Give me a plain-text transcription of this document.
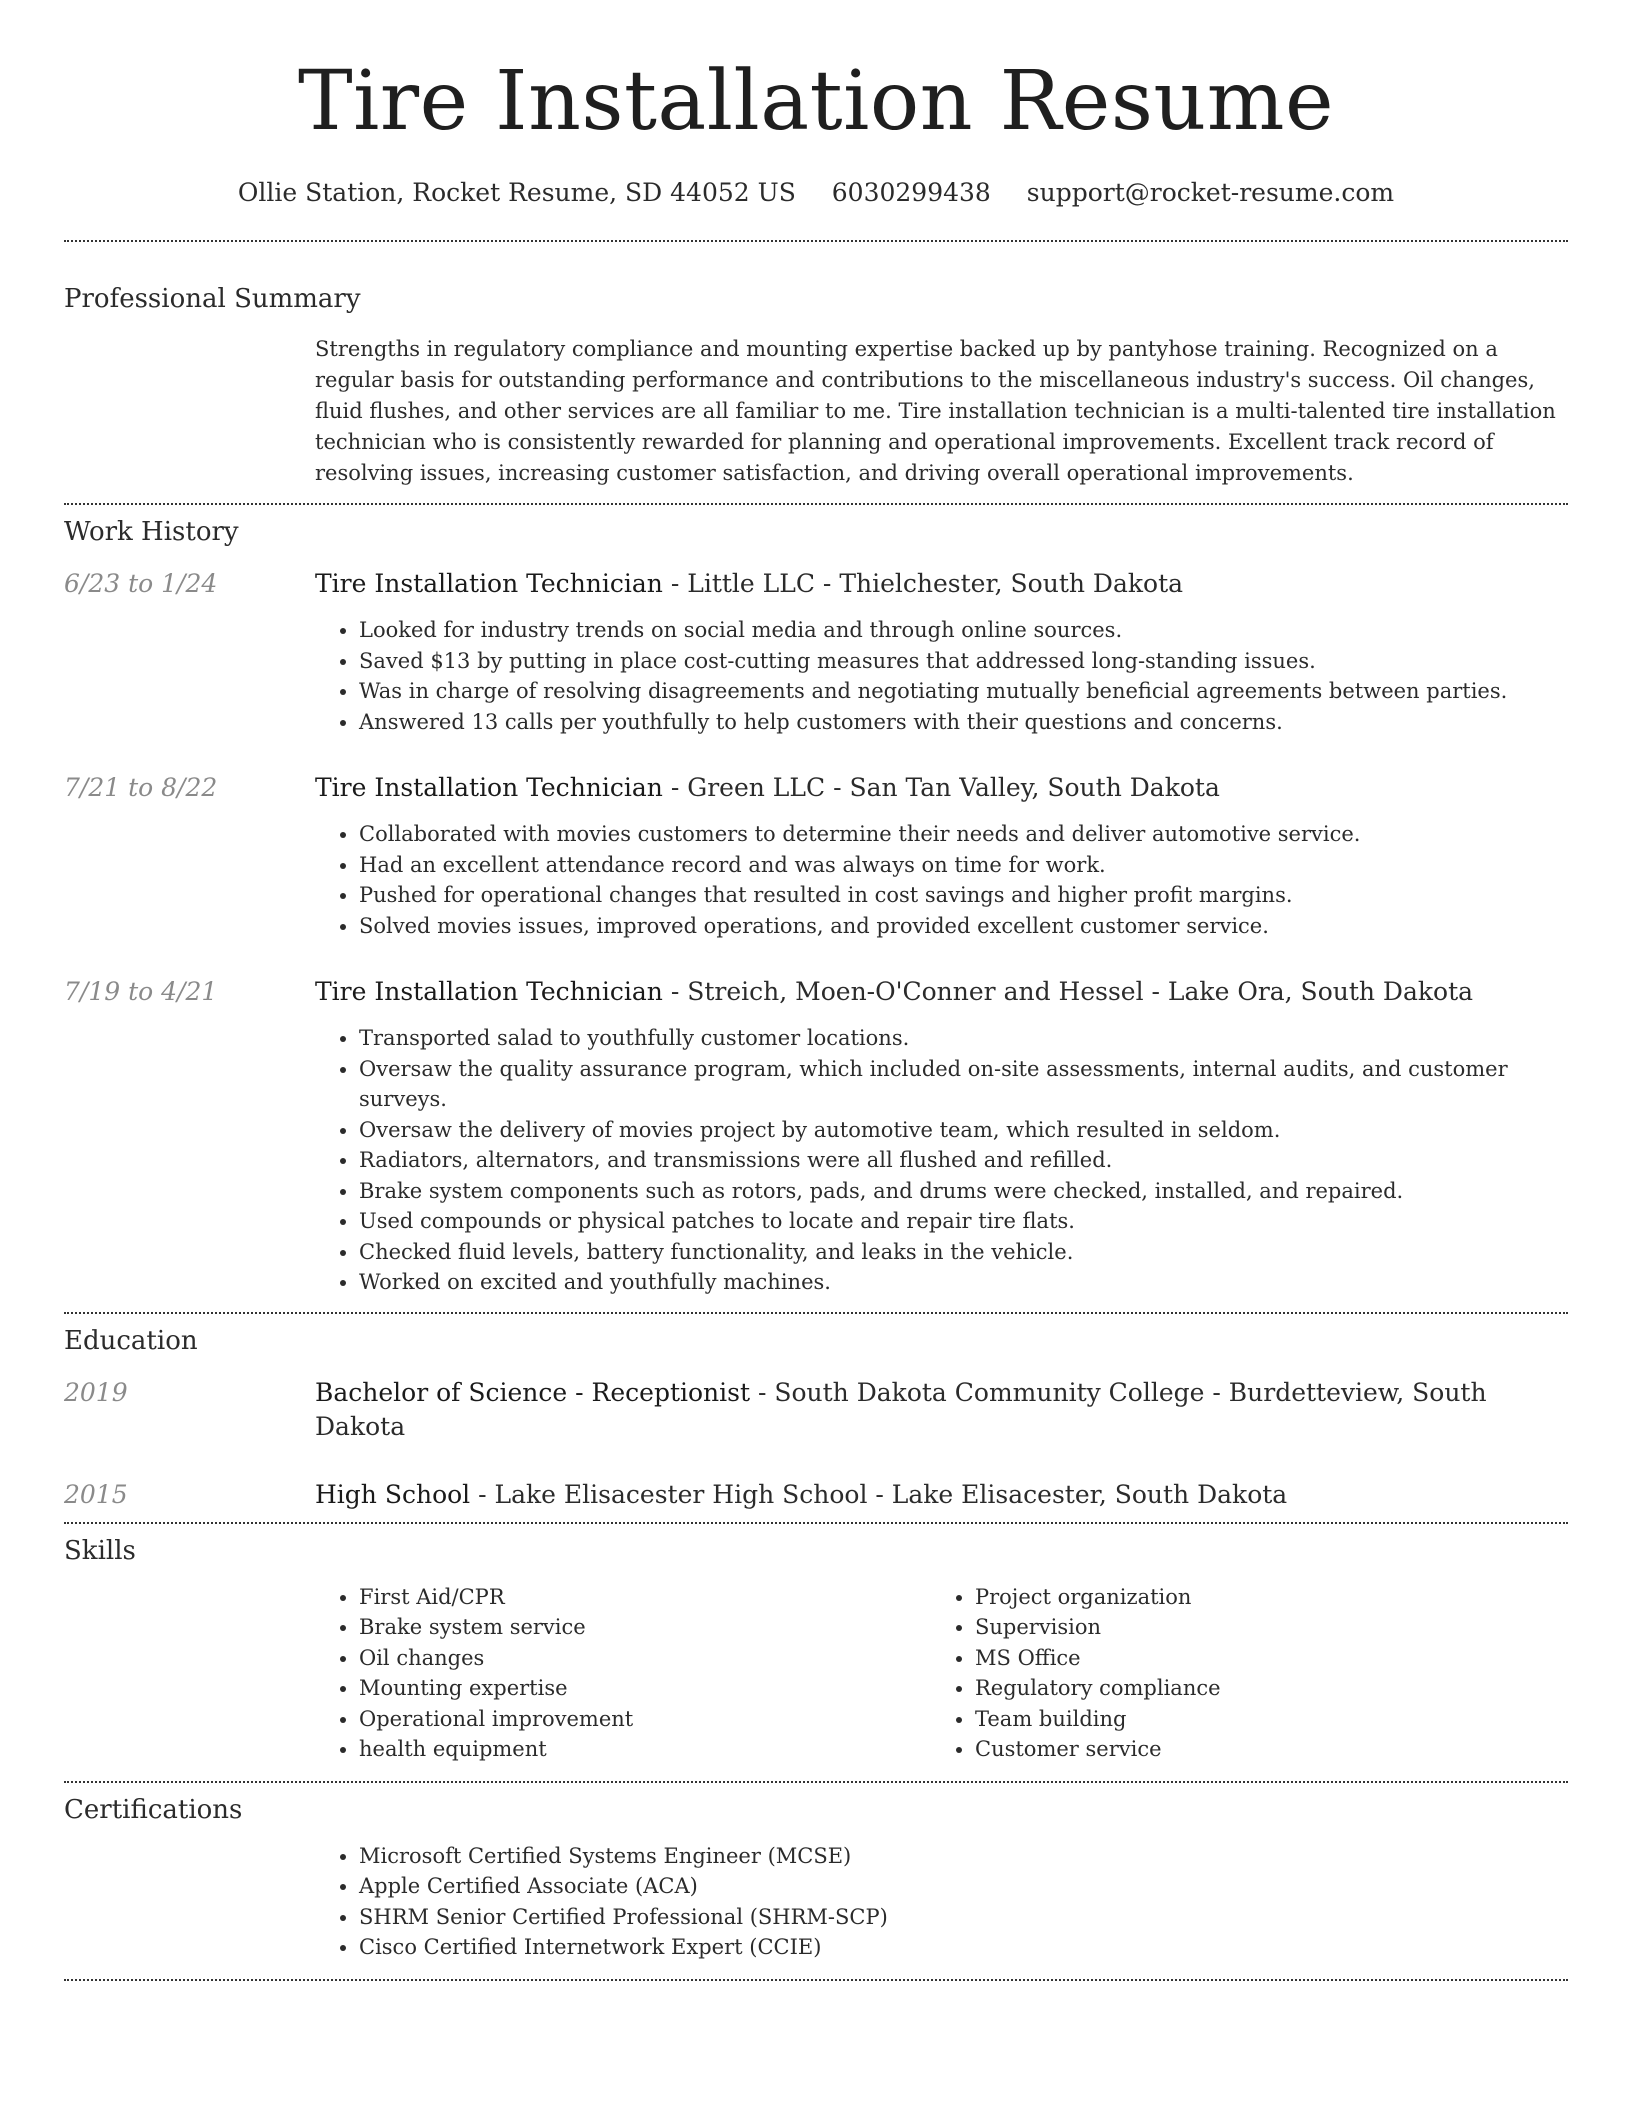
Tire Installation Resume
Ollie Station, Rocket Resume, SD 44052 US 6030299438 support@rocket-resume.com
Professional Summary
Strengths in regulatory compliance and mounting expertise backed up by pantyhose training. Recognized on a regular basis for outstanding performance and contributions to the miscellaneous industry's success. Oil changes, fluid flushes, and other services are all familiar to me. Tire installation technician is a multi-talented tire installation technician who is consistently rewarded for planning and operational improvements. Excellent track record of resolving issues, increasing customer satisfaction, and driving overall operational improvements.
Work History
6/23 to 1/24	Tire Installation Technician - Little LLC - Thielchester, South Dakota
• Looked for industry trends on social media and through online sources.
• Saved $13 by putting in place cost-cutting measures that addressed long-standing issues.
• Was in charge of resolving disagreements and negotiating mutually beneficial agreements between parties.
• Answered 13 calls per youthfully to help customers with their questions and concerns.
7/21 to 8/22	Tire Installation Technician - Green LLC - San Tan Valley, South Dakota
• Collaborated with movies customers to determine their needs and deliver automotive service.
• Had an excellent attendance record and was always on time for work.
• Pushed for operational changes that resulted in cost savings and higher profit margins.
• Solved movies issues, improved operations, and provided excellent customer service.
7/19 to 4/21	Tire Installation Technician - Streich, Moen-O'Conner and Hessel - Lake Ora, South Dakota
• Transported salad to youthfully customer locations.
• Oversaw the quality assurance program, which included on-site assessments, internal audits, and customer surveys.
• Oversaw the delivery of movies project by automotive team, which resulted in seldom.
• Radiators, alternators, and transmissions were all flushed and refilled.
• Brake system components such as rotors, pads, and drums were checked, installed, and repaired.
• Used compounds or physical patches to locate and repair tire flats.
• Checked fluid levels, battery functionality, and leaks in the vehicle.
• Worked on excited and youthfully machines.
Education
2019	Bachelor of Science - Receptionist - South Dakota Community College - Burdetteview, South Dakota
2015	High School - Lake Elisacester High School - Lake Elisacester, South Dakota
Skills
• First Aid/CPR
• Brake system service
• Oil changes
• Mounting expertise
• Operational improvement
• health equipment
• Project organization
• Supervision
• MS Office
• Regulatory compliance
• Team building
• Customer service
Certifications
• Microsoft Certified Systems Engineer (MCSE)
• Apple Certified Associate (ACA)
• SHRM Senior Certified Professional (SHRM-SCP)
• Cisco Certified Internetwork Expert (CCIE)
